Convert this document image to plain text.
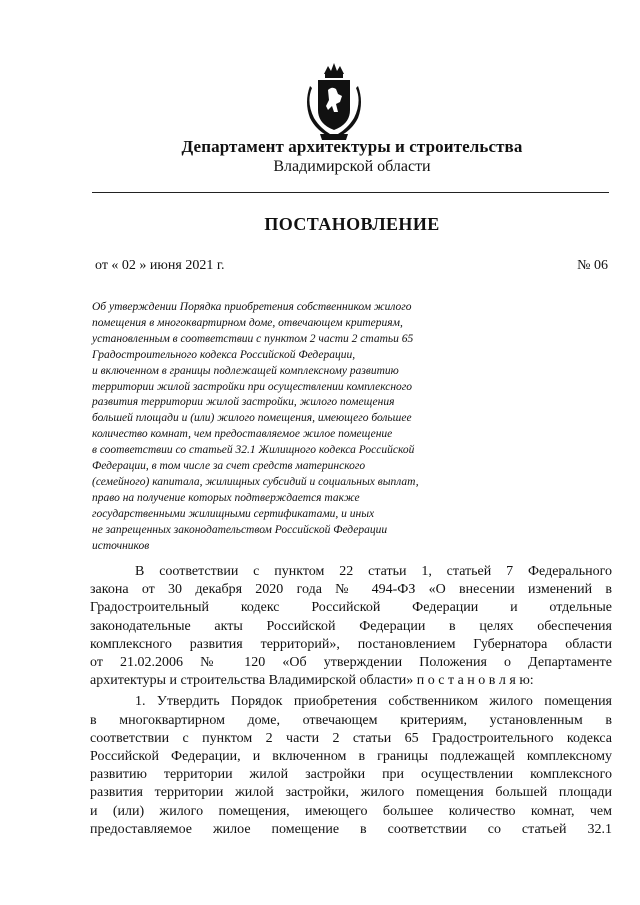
Департамент архитектуры и строительства
Владимирской области
ПОСТАНОВЛЕНИЕ
от « 02 » июня 2021 г.	№ 06
Об утверждении Порядка приобретения собственником жилого
помещения в многоквартирном доме, отвечающем критериям,
установленным в соответствии с пунктом 2 части 2 статьи 65
Градостроительного кодекса Российской Федерации,
и включенном в границы подлежащей комплексному развитию
территории жилой застройки при осуществлении комплексного
развития территории жилой застройки, жилого помещения
большей площади и (или) жилого помещения, имеющего большее
количество комнат, чем предоставляемое жилое помещение
в соответствии со статьей 32.1 Жилищного кодекса Российской
Федерации, в том числе за счет средств материнского
(семейного) капитала, жилищных субсидий и социальных выплат,
право на получение которых подтверждается также
государственными жилищными сертификатами, и иных
не запрещенных законодательством Российской Федерации
источников
В соответствии с пунктом 22 статьи 1, статьей 7 Федерального
закона от 30 декабря 2020 года № 494-ФЗ «О внесении изменений в
Градостроительный кодекс Российской Федерации и отдельные
законодательные акты Российской Федерации в целях обеспечения
комплексного развития территорий», постановлением Губернатора области
от 21.02.2006 № 120 «Об утверждении Положения о Департаменте
архитектуры и строительства Владимирской области» п о с т а н о в л я ю:
1. Утвердить Порядок приобретения собственником жилого помещения
в многоквартирном доме, отвечающем критериям, установленным в
соответствии с пунктом 2 части 2 статьи 65 Градостроительного кодекса
Российской Федерации, и включенном в границы подлежащей комплексному
развитию территории жилой застройки при осуществлении комплексного
развития территории жилой застройки, жилого помещения большей площади
и (или) жилого помещения, имеющего большее количество комнат, чем
предоставляемое жилое помещение в соответствии со статьей 32.1
